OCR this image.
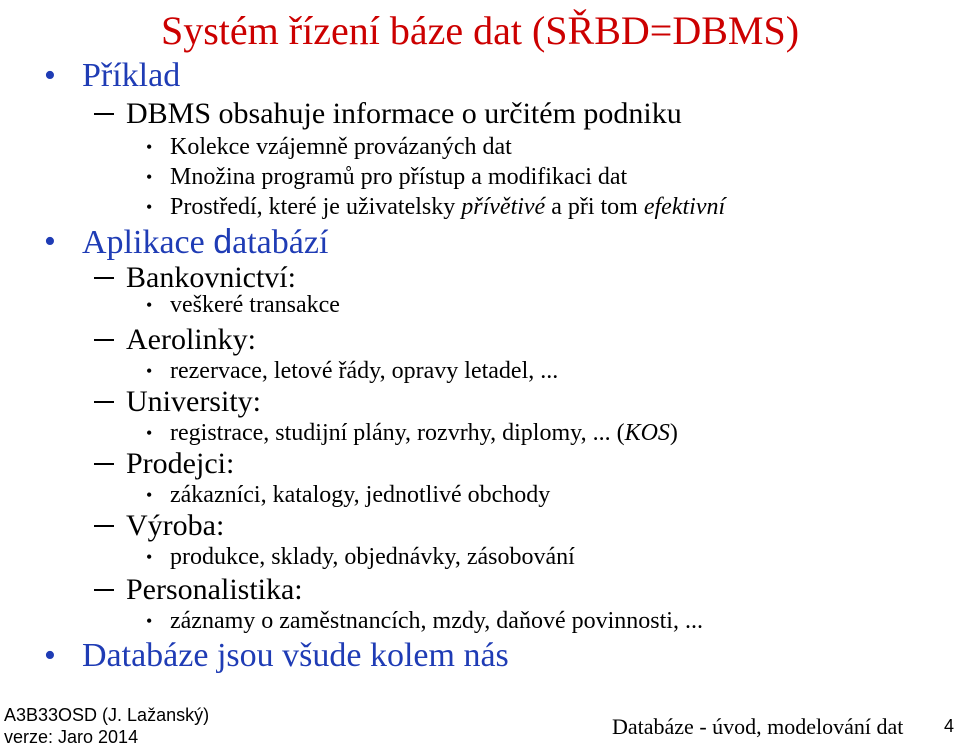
Systém řízení báze dat (SŘBD=DBMS)
• Příklad
DBMS obsahuje informace o určitém podniku
• Kolekce vzájemně provázaných dat
• Množina programů pro přístup a modifikaci dat
• Prostředí, které je uživatelsky přívětivé a při tom efektivní
• Aplikace databází
Bankovnictví:
• veškeré transakce
Aerolinky:
• rezervace, letové řády, opravy letadel, ...
University:
• registrace, studijní plány, rozvrhy, diplomy, ... (KOS)
Prodejci:
• zákazníci, katalogy, jednotlivé obchody
Výroba:
• produkce, sklady, objednávky, zásobování
Personalistika:
• záznamy o zaměstnancích, mzdy, daňové povinnosti, ...
• Databáze jsou všude kolem nás
A3B33OSD (J. Lažanský)
verze: Jaro 2014	Databáze - úvod, modelování dat 4
